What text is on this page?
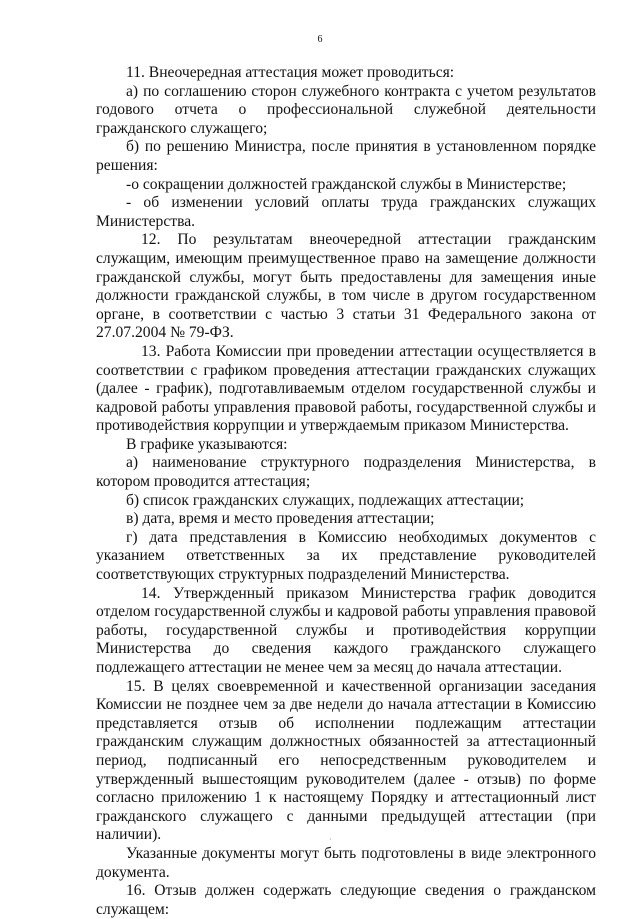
6

11. Внеочередная аттестация может проводиться:

а) по соглашению сторон служебного контракта с учетом результатов годового отчета о профессиональной служебной деятельности гражданского служащего;

б) по решению Министра, после принятия в установленном порядке решения:

-о сокращении должностей гражданской службы в Министерстве;

- об изменении условий оплаты труда гражданских служащих Министерства.

12. По результатам внеочередной аттестации гражданским служащим, имеющим преимущественное право на замещение должности гражданской службы, могут быть предоставлены для замещения иные должности гражданской службы, в том числе в другом государственном органе, в соответствии с частью 3 статьи 31 Федерального закона от 27.07.2004 № 79-ФЗ.

13. Работа Комиссии при проведении аттестации осуществляется в соответствии с графиком проведения аттестации гражданских служащих (далее - график), подготавливаемым отделом государственной службы и кадровой работы управления правовой работы, государственной службы и противодействия коррупции и утверждаемым приказом Министерства.

В графике указываются:

а) наименование структурного подразделения Министерства, в котором проводится аттестация;

б) список гражданских служащих, подлежащих аттестации;

в) дата, время и место проведения аттестации;

г) дата представления в Комиссию необходимых документов с указанием ответственных за их представление руководителей соответствующих структурных подразделений Министерства.

14. Утвержденный приказом Министерства график доводится отделом государственной службы и кадровой работы управления правовой работы, государственной службы и противодействия коррупции Министерства до сведения каждого гражданского служащего подлежащего аттестации не менее чем за месяц до начала аттестации.

15. В целях своевременной и качественной организации заседания Комиссии не позднее чем за две недели до начала аттестации в Комиссию представляется отзыв об исполнении подлежащим аттестации гражданским служащим должностных обязанностей за аттестационный период, подписанный его непосредственным руководителем и утвержденный вышестоящим руководителем (далее - отзыв) по форме согласно приложению 1 к настоящему Порядку и аттестационный лист гражданского служащего с данными предыдущей аттестации (при наличии).

Указанные документы могут быть подготовлены в виде электронного документа.

16. Отзыв должен содержать следующие сведения о гражданском служащем:

·
